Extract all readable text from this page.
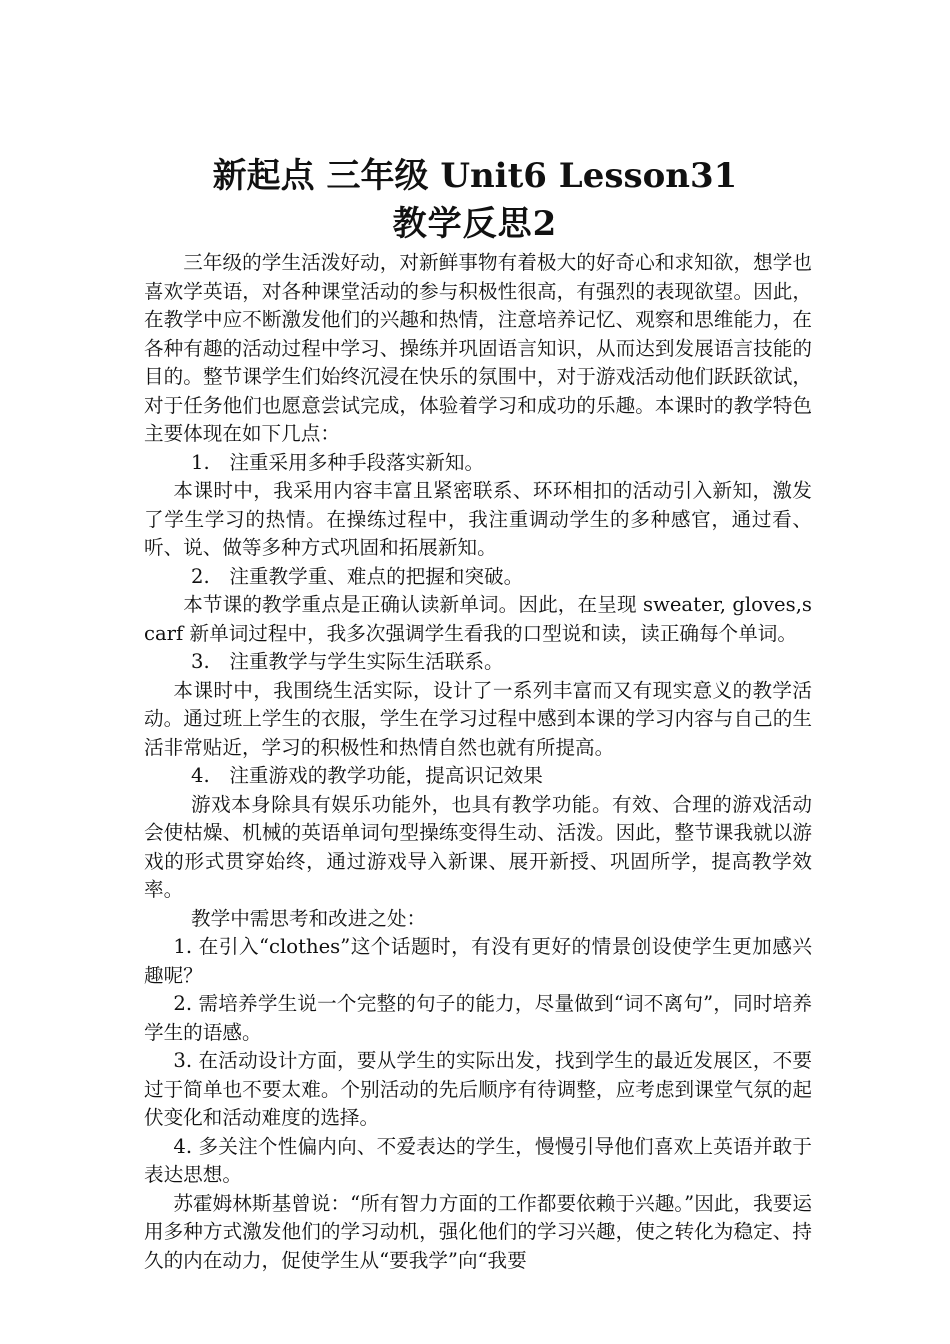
新起点 三年级 Unit6 Lesson31
教学反思2

三年级的学生活泼好动，对新鲜事物有着极大的好奇心和求知欲，想学也喜欢学英语，对各种课堂活动的参与积极性很高，有强烈的表现欲望。因此，在教学中应不断激发他们的兴趣和热情，注意培养记忆、观察和思维能力，在各种有趣的活动过程中学习、操练并巩固语言知识，从而达到发展语言技能的目的。整节课学生们始终沉浸在快乐的氛围中，对于游戏活动他们跃跃欲试，对于任务他们也愿意尝试完成，体验着学习和成功的乐趣。本课时的教学特色主要体现在如下几点：

1.　注重采用多种手段落实新知。

本课时中，我采用内容丰富且紧密联系、环环相扣的活动引入新知，激发了学生学习的热情。在操练过程中，我注重调动学生的多种感官，通过看、听、说、做等多种方式巩固和拓展新知。

2.　注重教学重、难点的把握和突破。

本节课的教学重点是正确认读新单词。因此，在呈现 sweater, gloves,scarf 新单词过程中，我多次强调学生看我的口型说和读，读正确每个单词。

3.　注重教学与学生实际生活联系。

本课时中，我围绕生活实际，设计了一系列丰富而又有现实意义的教学活动。通过班上学生的衣服，学生在学习过程中感到本课的学习内容与自己的生活非常贴近，学习的积极性和热情自然也就有所提高。

4.　注重游戏的教学功能，提高识记效果

游戏本身除具有娱乐功能外，也具有教学功能。有效、合理的游戏活动会使枯燥、机械的英语单词句型操练变得生动、活泼。因此，整节课我就以游戏的形式贯穿始终，通过游戏导入新课、展开新授、巩固所学，提高教学效率。

教学中需思考和改进之处：

1. 在引入“clothes”这个话题时，有没有更好的情景创设使学生更加感兴趣呢？

2. 需培养学生说一个完整的句子的能力，尽量做到“词不离句”，同时培养学生的语感。

3. 在活动设计方面，要从学生的实际出发，找到学生的最近发展区，不要过于简单也不要太难。个别活动的先后顺序有待调整，应考虑到课堂气氛的起伏变化和活动难度的选择。

4. 多关注个性偏内向、不爱表达的学生，慢慢引导他们喜欢上英语并敢于表达思想。

苏霍姆林斯基曾说：“所有智力方面的工作都要依赖于兴趣。”因此，我要运用多种方式激发他们的学习动机，强化他们的学习兴趣，使之转化为稳定、持久的内在动力，促使学生从“要我学”向“我要
